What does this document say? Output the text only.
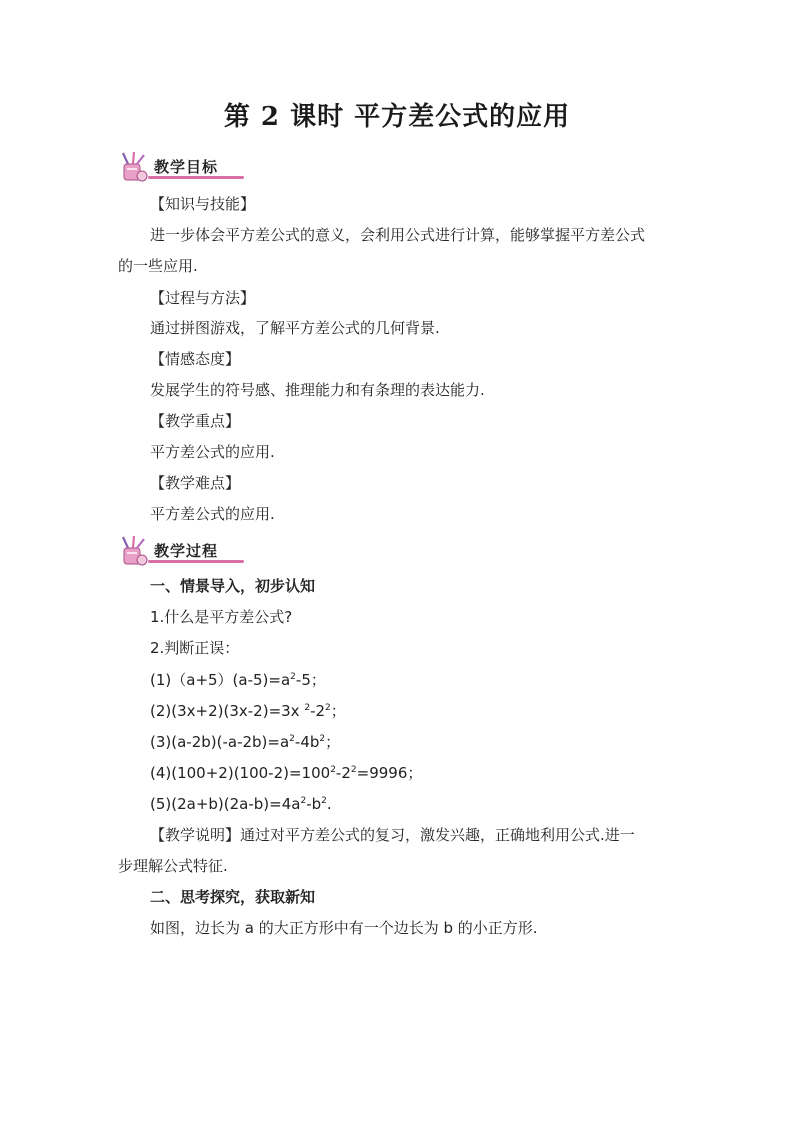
第 2 课时 平方差公式的应用
教学目标
【知识与技能】
进一步体会平方差公式的意义，会利用公式进行计算，能够掌握平方差公式
的一些应用.
【过程与方法】
通过拼图游戏，了解平方差公式的几何背景.
【情感态度】
发展学生的符号感、推理能力和有条理的表达能力.
【教学重点】
平方差公式的应用.
【教学难点】
平方差公式的应用.
教学过程
一、情景导入，初步认知
1.什么是平方差公式?
2.判断正误：
$(1)(a+5)(a-5)=a^2-5$；
(2)(3x+2)(3x-2)=3x $^2-2^2$；
$(3)(a-2b)(-a-2b)=a^2-4b^2$；
$(4)(100+2)(100-2)=100^2-2^2=9996$；
$(5)(2a+b)(2a-b)=4a^2-b^2$.
【教学说明】通过对平方差公式的复习，激发兴趣，正确地利用公式.进一
步理解公式特征.
二、思考探究，获取新知
如图，边长为 a 的大正方形中有一个边长为 b 的小正方形.
